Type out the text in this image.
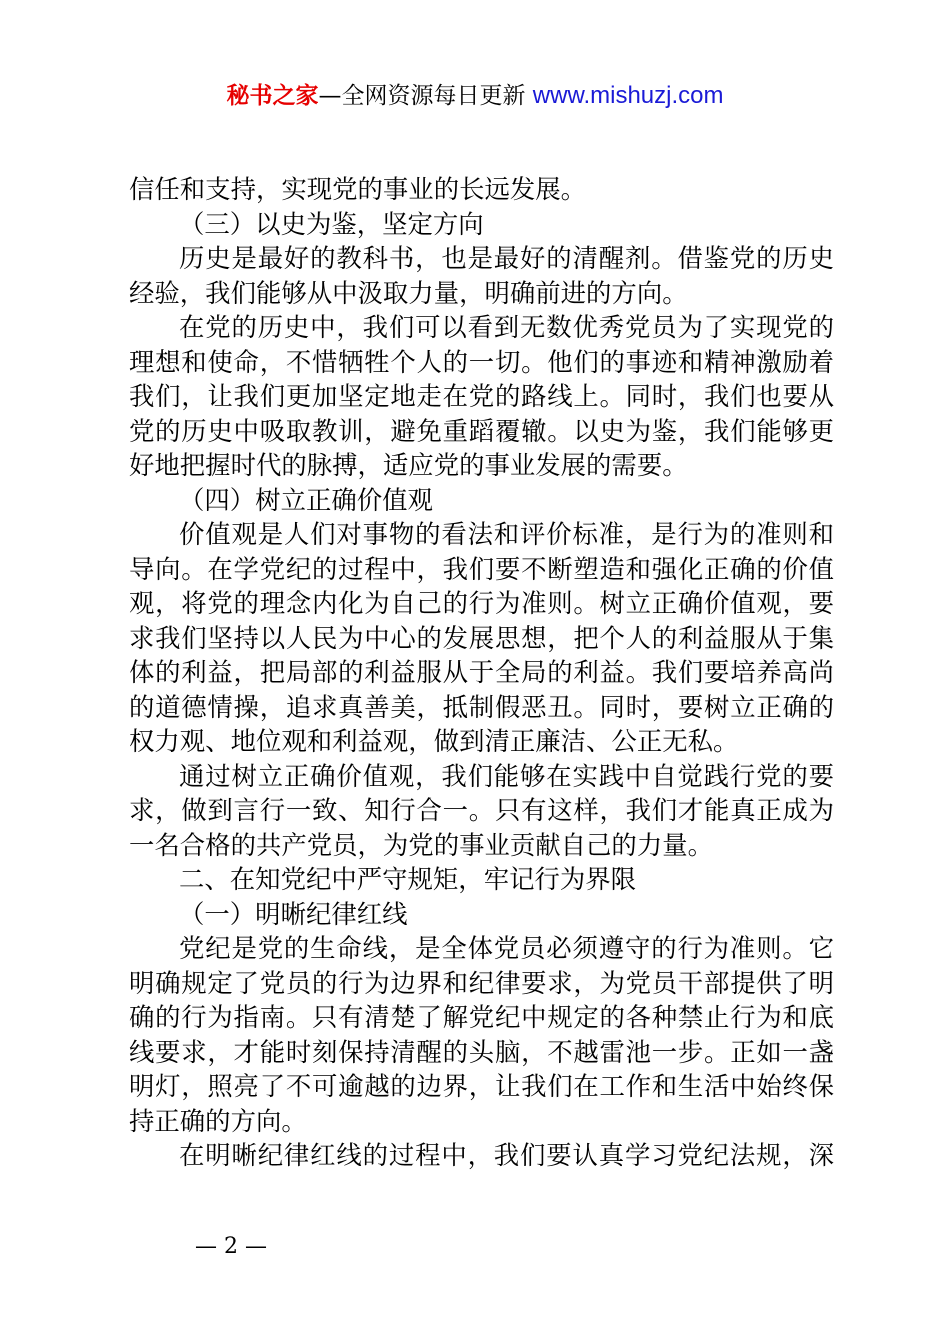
秘书之家—全网资源每日更新 www.mishuzj.com
信任和支持，实现党的事业的长远发展。
（三）以史为鉴，坚定方向
历史是最好的教科书，也是最好的清醒剂。借鉴党的历史
经验，我们能够从中汲取力量，明确前进的方向。
在党的历史中，我们可以看到无数优秀党员为了实现党的
理想和使命，不惜牺牲个人的一切。他们的事迹和精神激励着
我们，让我们更加坚定地走在党的路线上。同时，我们也要从
党的历史中吸取教训，避免重蹈覆辙。以史为鉴，我们能够更
好地把握时代的脉搏，适应党的事业发展的需要。
（四）树立正确价值观
价值观是人们对事物的看法和评价标准，是行为的准则和
导向。在学党纪的过程中，我们要不断塑造和强化正确的价值
观，将党的理念内化为自己的行为准则。树立正确价值观，要
求我们坚持以人民为中心的发展思想，把个人的利益服从于集
体的利益，把局部的利益服从于全局的利益。我们要培养高尚
的道德情操，追求真善美，抵制假恶丑。同时，要树立正确的
权力观、地位观和利益观，做到清正廉洁、公正无私。
通过树立正确价值观，我们能够在实践中自觉践行党的要
求，做到言行一致、知行合一。只有这样，我们才能真正成为
一名合格的共产党员，为党的事业贡献自己的力量。
二、在知党纪中严守规矩，牢记行为界限
（一）明晰纪律红线
党纪是党的生命线，是全体党员必须遵守的行为准则。它
明确规定了党员的行为边界和纪律要求，为党员干部提供了明
确的行为指南。只有清楚了解党纪中规定的各种禁止行为和底
线要求，才能时刻保持清醒的头脑，不越雷池一步。正如一盏
明灯，照亮了不可逾越的边界，让我们在工作和生活中始终保
持正确的方向。
在明晰纪律红线的过程中，我们要认真学习党纪法规，深
— 2 —
